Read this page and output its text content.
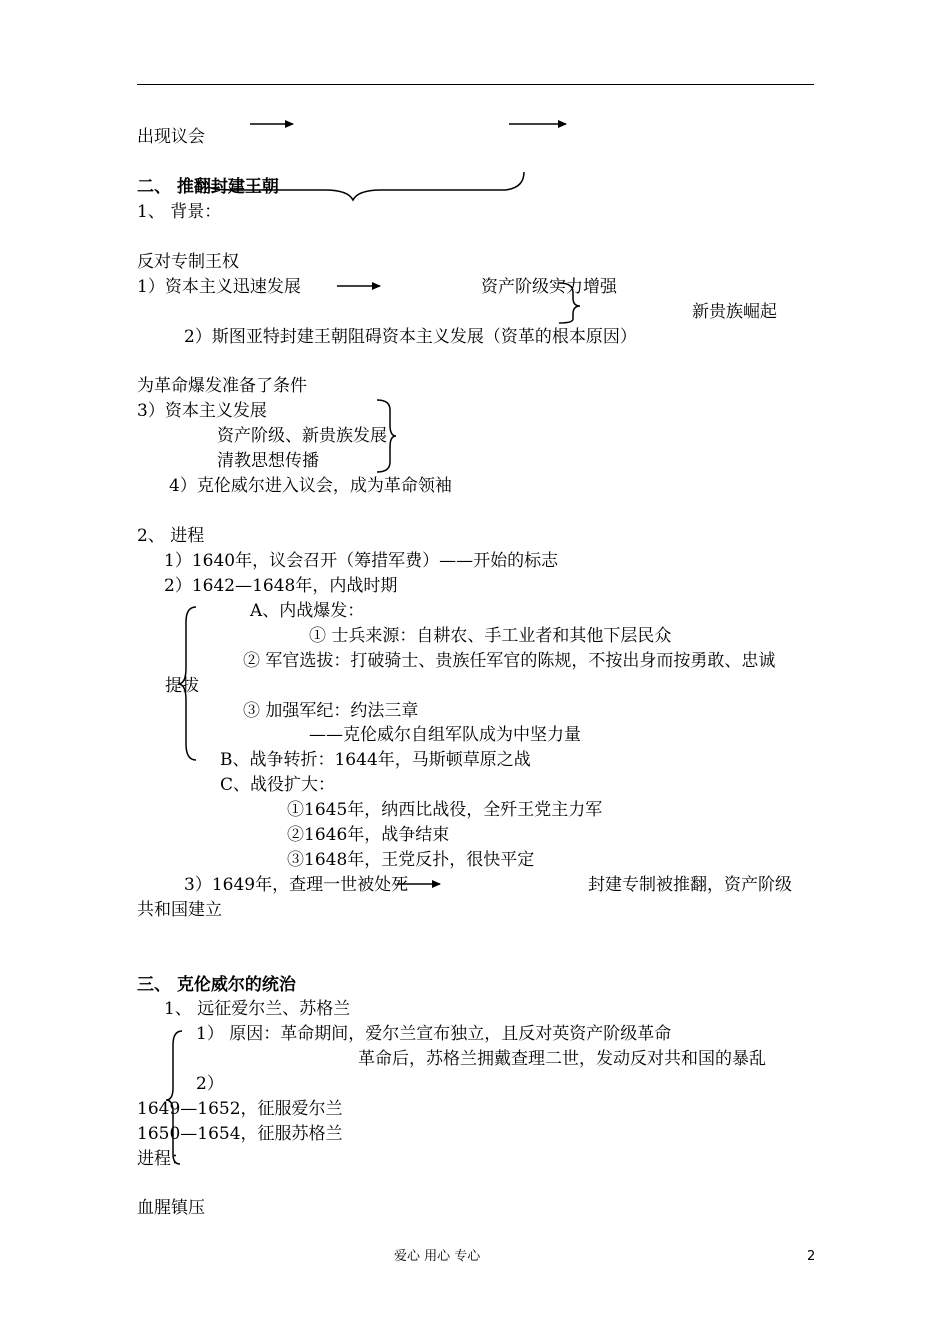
出现议会
二、 推翻封建王朝
1、 背景：
反对专制王权
1）资本主义迅速发展	资产阶级实力增强
新贵族崛起
2）斯图亚特封建王朝阻碍资本主义发展（资革的根本原因）
为革命爆发准备了条件
3）资本主义发展
资产阶级、新贵族发展
清教思想传播
4）克伦威尔进入议会，成为革命领袖
2、 进程
1）1640年，议会召开（筹措军费）——开始的标志
2）1642—1648年，内战时期
A、内战爆发：
① 士兵来源：自耕农、手工业者和其他下层民众
② 军官选拔：打破骑士、贵族任军官的陈规，不按出身而按勇敢、忠诚
提拔
③ 加强军纪：约法三章
——克伦威尔自组军队成为中坚力量
B、战争转折：1644年，马斯顿草原之战
C、战役扩大：
①1645年，纳西比战役，全歼王党主力军
②1646年，战争结束
③1648年，王党反扑，很快平定
3）1649年，查理一世被处死	封建专制被推翻，资产阶级
共和国建立
三、 克伦威尔的统治
1、 远征爱尔兰、苏格兰
1） 原因：革命期间，爱尔兰宣布独立，且反对英资产阶级革命
革命后，苏格兰拥戴查理二世，发动反对共和国的暴乱
2）
1649—1652，征服爱尔兰
1650—1654，征服苏格兰
进程：
血腥镇压
爱心 用心 专心	2
